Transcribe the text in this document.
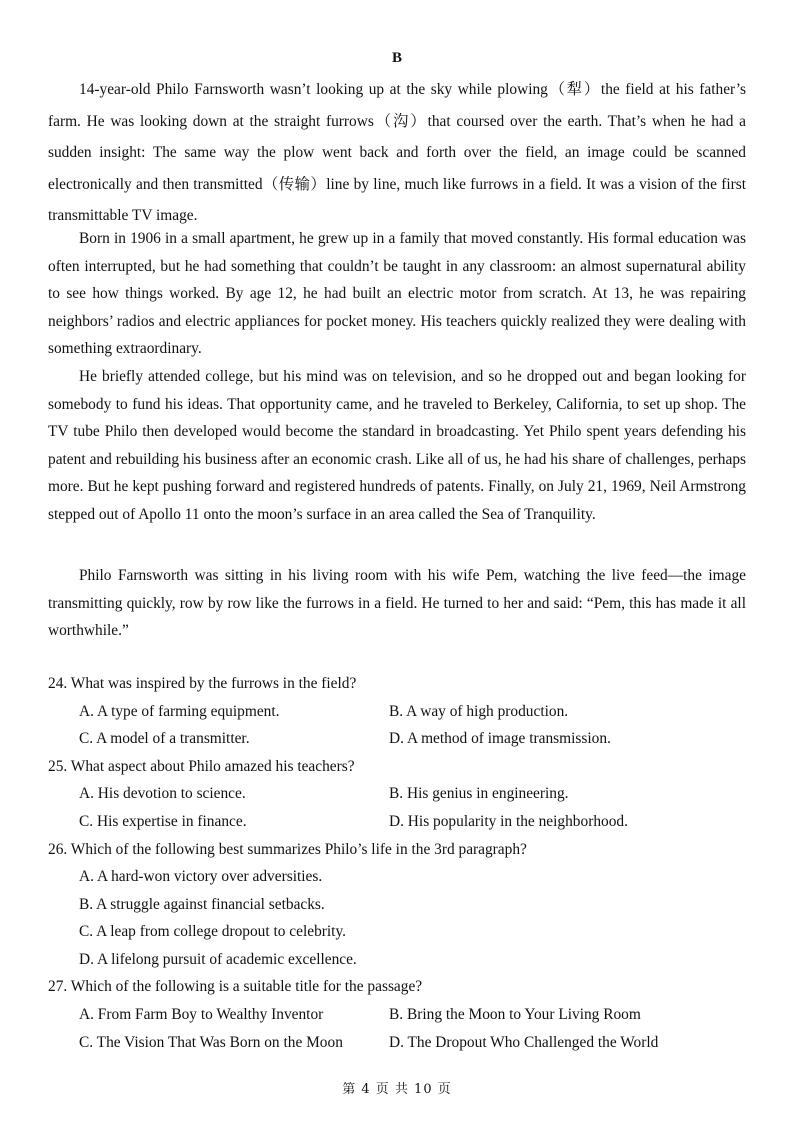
B

14-year-old Philo Farnsworth wasn’t looking up at the sky while plowing（犁）the field at his father’s farm. He was looking down at the straight furrows（沟）that coursed over the earth. That’s when he had a sudden insight: The same way the plow went back and forth over the field, an image could be scanned electronically and then transmitted（传输）line by line, much like furrows in a field. It was a vision of the first transmittable TV image.

Born in 1906 in a small apartment, he grew up in a family that moved constantly. His formal education was often interrupted, but he had something that couldn’t be taught in any classroom: an almost supernatural ability to see how things worked. By age 12, he had built an electric motor from scratch. At 13, he was repairing neighbors’ radios and electric appliances for pocket money. His teachers quickly realized they were dealing with something extraordinary.

He briefly attended college, but his mind was on television, and so he dropped out and began looking for somebody to fund his ideas. That opportunity came, and he traveled to Berkeley, California, to set up shop. The TV tube Philo then developed would become the standard in broadcasting. Yet Philo spent years defending his patent and rebuilding his business after an economic crash. Like all of us, he had his share of challenges, perhaps more. But he kept pushing forward and registered hundreds of patents. Finally, on July 21, 1969, Neil Armstrong stepped out of Apollo 11 onto the moon’s surface in an area called the Sea of Tranquility.

Philo Farnsworth was sitting in his living room with his wife Pem, watching the live feed—the image transmitting quickly, row by row like the furrows in a field. He turned to her and said: “Pem, this has made it all worthwhile.”

24. What was inspired by the furrows in the field?
A. A type of farming equipment.	B. A way of high production.
C. A model of a transmitter.	D. A method of image transmission.
25. What aspect about Philo amazed his teachers?
A. His devotion to science.	B. His genius in engineering.
C. His expertise in finance.	D. His popularity in the neighborhood.
26. Which of the following best summarizes Philo’s life in the 3rd paragraph?
A. A hard-won victory over adversities.
B. A struggle against financial setbacks.
C. A leap from college dropout to celebrity.
D. A lifelong pursuit of academic excellence.
27. Which of the following is a suitable title for the passage?
A. From Farm Boy to Wealthy Inventor	B. Bring the Moon to Your Living Room
C. The Vision That Was Born on the Moon	D. The Dropout Who Challenged the World
第 4 页 共 10 页
